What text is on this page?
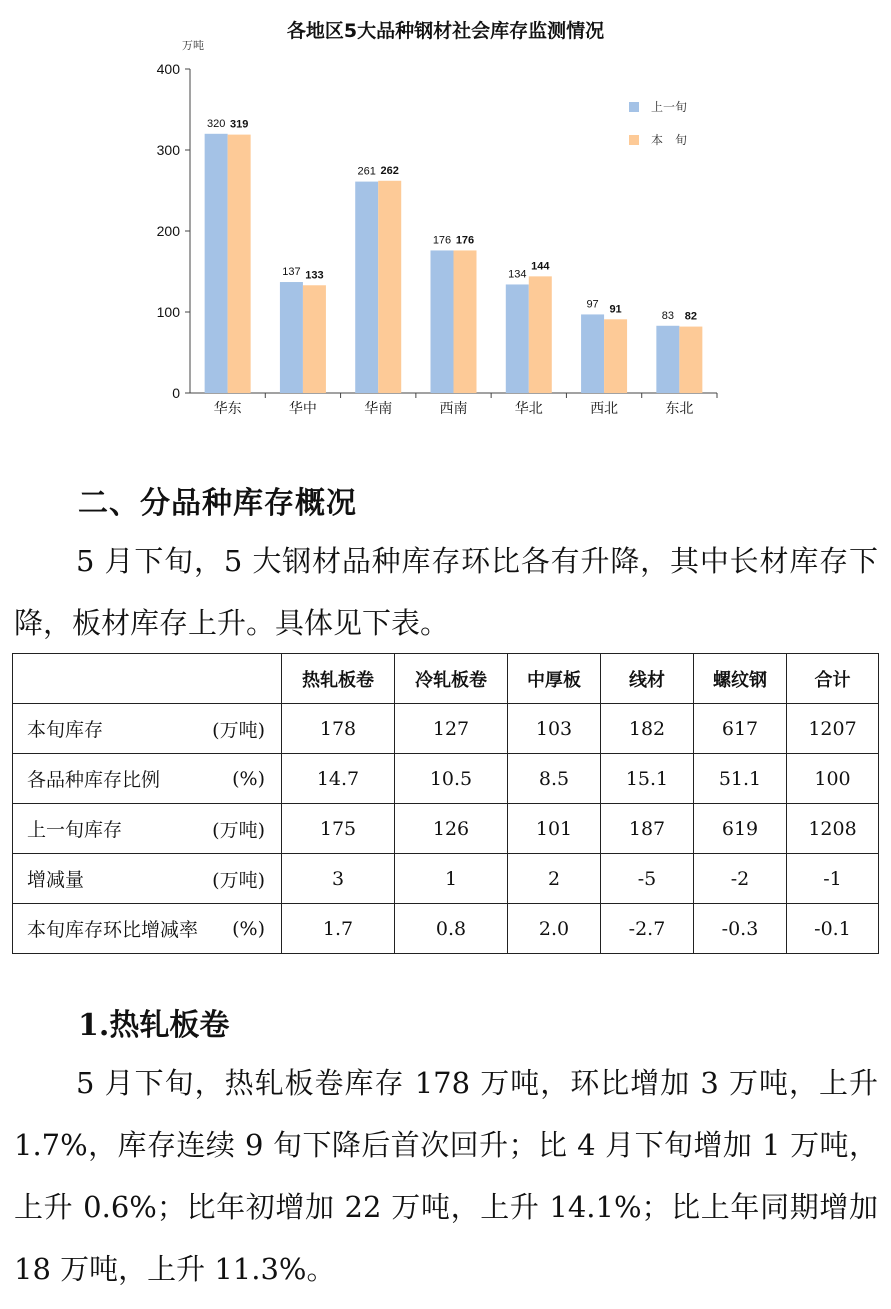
万吨
0
100
200
300
400
华东
320 319
华中
137 133
华南
261 262
西南
176 176
华北
134
144
西北
97 91
东北
83 82
上一旬
本　旬
各地区5大品种钢材社会库存监测情况
二、分品种库存概况
5 月下旬，5 大钢材品种库存环比各有升降，其中长材库存下降，板材库存上升。具体见下表。
	热轧板卷	冷轧板卷	中厚板	线材	螺纹钢	合计
本旬库存 (万吨)	178	127	103	182	617	1207
各品种库存比例 (%)	14.7	10.5	8.5	15.1	51.1	100
上一旬库存 (万吨)	175	126	101	187	619	1208
增减量 (万吨)	3	1	2	-5	-2	-1
本旬库存环比增减率 (%)	1.7	0.8	2.0	-2.7	-0.3	-0.1
1.热轧板卷
5 月下旬，热轧板卷库存 178 万吨，环比增加 3 万吨，上升 1.7%，库存连续 9 旬下降后首次回升；比 4 月下旬增加 1 万吨，上升 0.6%；比年初增加 22 万吨，上升 14.1%；比上年同期增加 18 万吨，上升 11.3%。
